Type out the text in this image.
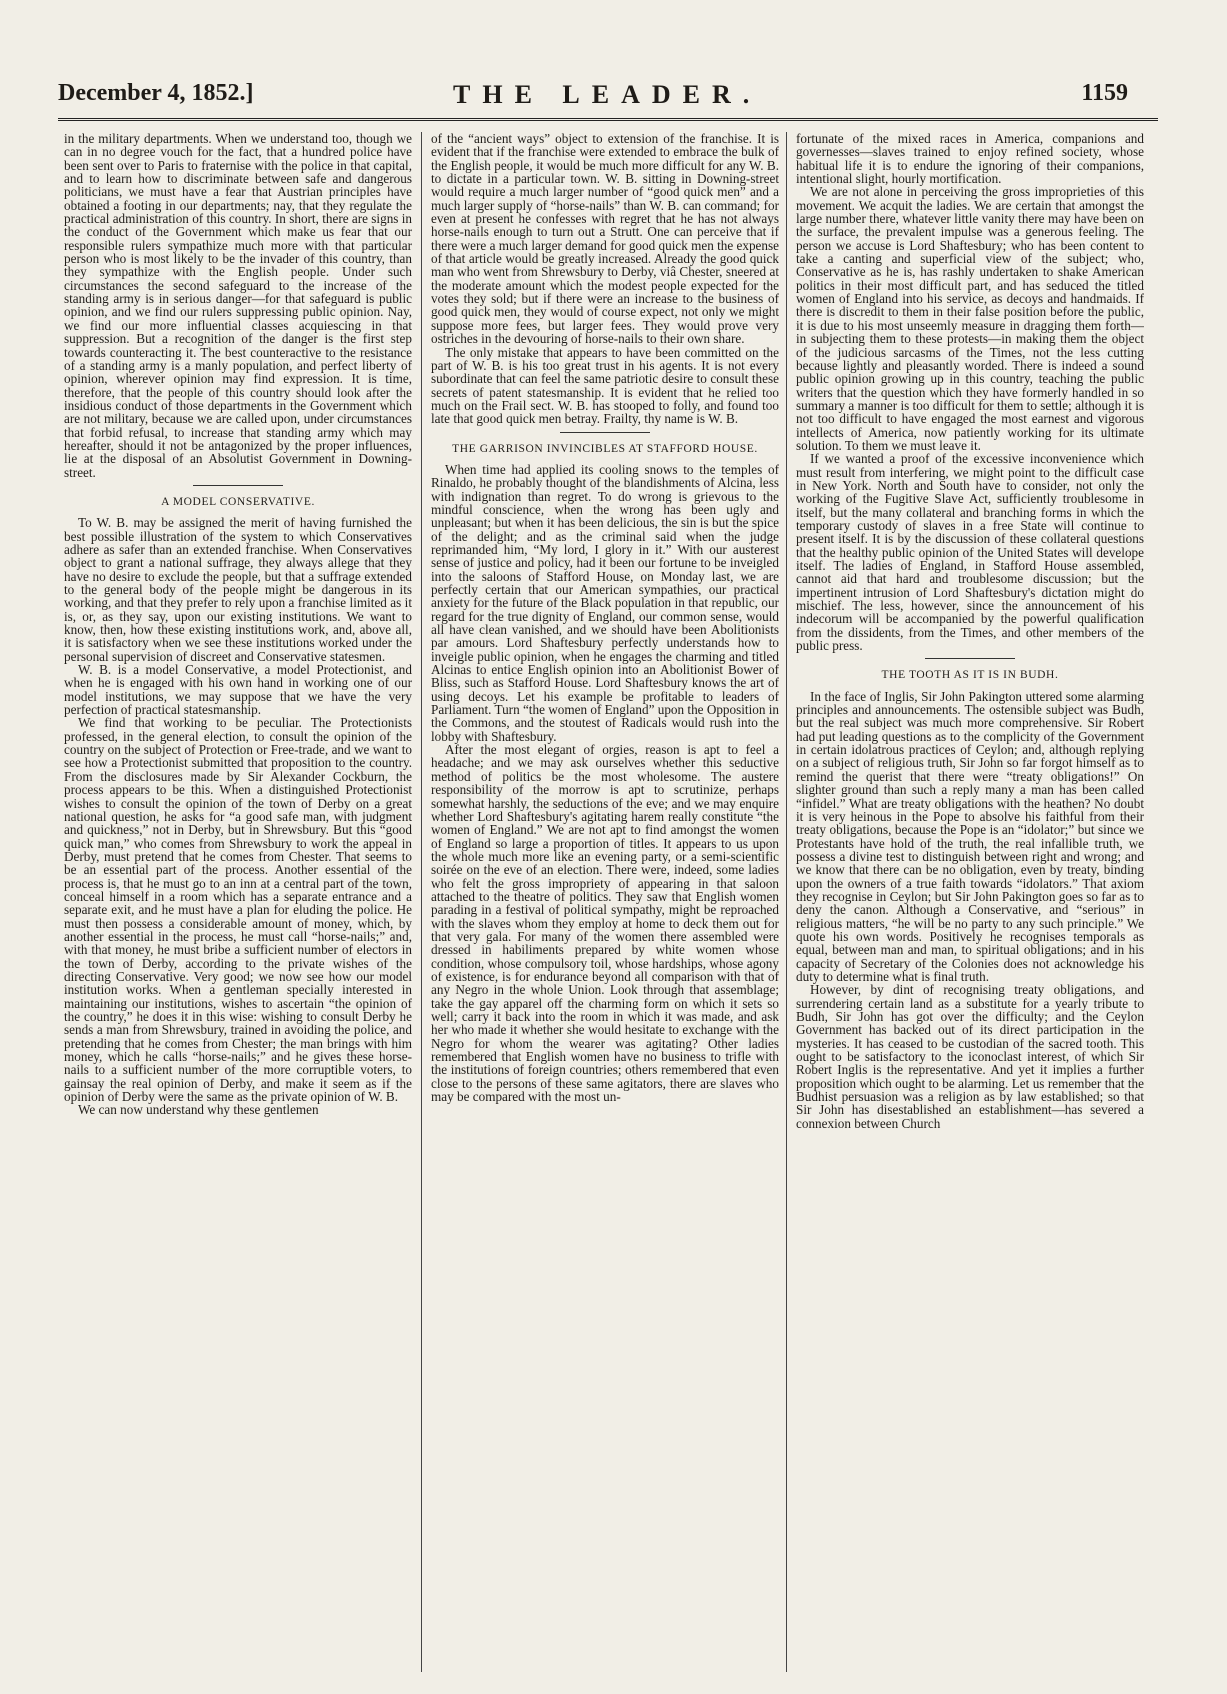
December 4, 1852.]	THE LEADER.	1159

in the military departments. When we understand too, though we can in no degree vouch for the fact, that a hundred police have been sent over to Paris to fraternise with the police in that capital, and to learn how to discriminate between safe and dangerous politicians, we must have a fear that Austrian principles have obtained a footing in our departments; nay, that they regulate the practical administration of this country. In short, there are signs in the conduct of the Government which make us fear that our responsible rulers sympathize much more with that particular person who is most likely to be the invader of this country, than they sympathize with the English people. Under such circumstances the second safeguard to the increase of the standing army is in serious danger—for that safeguard is public opinion, and we find our rulers suppressing public opinion. Nay, we find our more influential classes acquiescing in that suppression. But a recognition of the danger is the first step towards counteracting it. The best counteractive to the resistance of a standing army is a manly population, and perfect liberty of opinion, wherever opinion may find expression. It is time, therefore, that the people of this country should look after the insidious conduct of those departments in the Government which are not military, because we are called upon, under circumstances that forbid refusal, to increase that standing army which may hereafter, should it not be antagonized by the proper influences, lie at the disposal of an Absolutist Government in Downing-street.

A MODEL CONSERVATIVE.

To W. B. may be assigned the merit of having furnished the best possible illustration of the system to which Conservatives adhere as safer than an extended franchise. When Conservatives object to grant a national suffrage, they always allege that they have no desire to exclude the people, but that a suffrage extended to the general body of the people might be dangerous in its working, and that they prefer to rely upon a franchise limited as it is, or, as they say, upon our existing institutions. We want to know, then, how these existing institutions work, and, above all, it is satisfactory when we see these institutions worked under the personal supervision of discreet and Conservative statesmen.

W. B. is a model Conservative, a model Protectionist, and when he is engaged with his own hand in working one of our model institutions, we may suppose that we have the very perfection of practical statesmanship.

We find that working to be peculiar. The Protectionists professed, in the general election, to consult the opinion of the country on the subject of Protection or Free-trade, and we want to see how a Protectionist submitted that proposition to the country. From the disclosures made by Sir Alexander Cockburn, the process appears to be this. When a distinguished Protectionist wishes to consult the opinion of the town of Derby on a great national question, he asks for “a good safe man, with judgment and quickness,” not in Derby, but in Shrewsbury. But this “good quick man,” who comes from Shrewsbury to work the appeal in Derby, must pretend that he comes from Chester. That seems to be an essential part of the process. Another essential of the process is, that he must go to an inn at a central part of the town, conceal himself in a room which has a separate entrance and a separate exit, and he must have a plan for eluding the police. He must then possess a considerable amount of money, which, by another essential in the process, he must call “horse-nails;” and, with that money, he must bribe a sufficient number of electors in the town of Derby, according to the private wishes of the directing Conservative. Very good; we now see how our model institution works. When a gentleman specially interested in maintaining our institutions, wishes to ascertain “the opinion of the country,” he does it in this wise: wishing to consult Derby he sends a man from Shrewsbury, trained in avoiding the police, and pretending that he comes from Chester; the man brings with him money, which he calls “horse-nails;” and he gives these horse-nails to a sufficient number of the more corruptible voters, to gainsay the real opinion of Derby, and make it seem as if the opinion of Derby were the same as the private opinion of W. B.

We can now understand why these gentlemen

of the “ancient ways” object to extension of the franchise. It is evident that if the franchise were extended to embrace the bulk of the English people, it would be much more difficult for any W. B. to dictate in a particular town. W. B. sitting in Downing-street would require a much larger number of “good quick men” and a much larger supply of “horse-nails” than W. B. can command; for even at present he confesses with regret that he has not always horse-nails enough to turn out a Strutt. One can perceive that if there were a much larger demand for good quick men the expense of that article would be greatly increased. Already the good quick man who went from Shrewsbury to Derby, viâ Chester, sneered at the moderate amount which the modest people expected for the votes they sold; but if there were an increase to the business of good quick men, they would of course expect, not only we might suppose more fees, but larger fees. They would prove very ostriches in the devouring of horse-nails to their own share.

The only mistake that appears to have been committed on the part of W. B. is his too great trust in his agents. It is not every subordinate that can feel the same patriotic desire to consult these secrets of patent statesmanship. It is evident that he relied too much on the Frail sect. W. B. has stooped to folly, and found too late that good quick men betray. Frailty, thy name is W. B.

THE GARRISON INVINCIBLES AT STAFFORD HOUSE.

When time had applied its cooling snows to the temples of Rinaldo, he probably thought of the blandishments of Alcina, less with indignation than regret. To do wrong is grievous to the mindful conscience, when the wrong has been ugly and unpleasant; but when it has been delicious, the sin is but the spice of the delight; and as the criminal said when the judge reprimanded him, “My lord, I glory in it.” With our austerest sense of justice and policy, had it been our fortune to be inveigled into the saloons of Stafford House, on Monday last, we are perfectly certain that our American sympathies, our practical anxiety for the future of the Black population in that republic, our regard for the true dignity of England, our common sense, would all have clean vanished, and we should have been Abolitionists par amours. Lord Shaftesbury perfectly understands how to inveigle public opinion, when he engages the charming and titled Alcinas to entice English opinion into an Abolitionist Bower of Bliss, such as Stafford House. Lord Shaftesbury knows the art of using decoys. Let his example be profitable to leaders of Parliament. Turn “the women of England” upon the Opposition in the Commons, and the stoutest of Radicals would rush into the lobby with Shaftesbury.

After the most elegant of orgies, reason is apt to feel a headache; and we may ask ourselves whether this seductive method of politics be the most wholesome. The austere responsibility of the morrow is apt to scrutinize, perhaps somewhat harshly, the seductions of the eve; and we may enquire whether Lord Shaftesbury's agitating harem really constitute “the women of England.” We are not apt to find amongst the women of England so large a proportion of titles. It appears to us upon the whole much more like an evening party, or a semi-scientific soirée on the eve of an election. There were, indeed, some ladies who felt the gross impropriety of appearing in that saloon attached to the theatre of politics. They saw that English women parading in a festival of political sympathy, might be reproached with the slaves whom they employ at home to deck them out for that very gala. For many of the women there assembled were dressed in habiliments prepared by white women whose condition, whose compulsory toil, whose hardships, whose agony of existence, is for endurance beyond all comparison with that of any Negro in the whole Union. Look through that assemblage; take the gay apparel off the charming form on which it sets so well; carry it back into the room in which it was made, and ask her who made it whether she would hesitate to exchange with the Negro for whom the wearer was agitating? Other ladies remembered that English women have no business to trifle with the institutions of foreign countries; others remembered that even close to the persons of these same agitators, there are slaves who may be compared with the most un-

fortunate of the mixed races in America, companions and governesses—slaves trained to enjoy refined society, whose habitual life it is to endure the ignoring of their companions, intentional slight, hourly mortification.

We are not alone in perceiving the gross improprieties of this movement. We acquit the ladies. We are certain that amongst the large number there, whatever little vanity there may have been on the surface, the prevalent impulse was a generous feeling. The person we accuse is Lord Shaftesbury; who has been content to take a canting and superficial view of the subject; who, Conservative as he is, has rashly undertaken to shake American politics in their most difficult part, and has seduced the titled women of England into his service, as decoys and handmaids. If there is discredit to them in their false position before the public, it is due to his most unseemly measure in dragging them forth—in subjecting them to these protests—in making them the object of the judicious sarcasms of the Times, not the less cutting because lightly and pleasantly worded. There is indeed a sound public opinion growing up in this country, teaching the public writers that the question which they have formerly handled in so summary a manner is too difficult for them to settle; although it is not too difficult to have engaged the most earnest and vigorous intellects of America, now patiently working for its ultimate solution. To them we must leave it.

If we wanted a proof of the excessive inconvenience which must result from interfering, we might point to the difficult case in New York. North and South have to consider, not only the working of the Fugitive Slave Act, sufficiently troublesome in itself, but the many collateral and branching forms in which the temporary custody of slaves in a free State will continue to present itself. It is by the discussion of these collateral questions that the healthy public opinion of the United States will develope itself. The ladies of England, in Stafford House assembled, cannot aid that hard and troublesome discussion; but the impertinent intrusion of Lord Shaftesbury's dictation might do mischief. The less, however, since the announcement of his indecorum will be accompanied by the powerful qualification from the dissidents, from the Times, and other members of the public press.

THE TOOTH AS IT IS IN BUDH.

In the face of Inglis, Sir John Pakington uttered some alarming principles and announcements. The ostensible subject was Budh, but the real subject was much more comprehensive. Sir Robert had put leading questions as to the complicity of the Government in certain idolatrous practices of Ceylon; and, although replying on a subject of religious truth, Sir John so far forgot himself as to remind the querist that there were “treaty obligations!” On slighter ground than such a reply many a man has been called “infidel.” What are treaty obligations with the heathen? No doubt it is very heinous in the Pope to absolve his faithful from their treaty obligations, because the Pope is an “idolator;” but since we Protestants have hold of the truth, the real infallible truth, we possess a divine test to distinguish between right and wrong; and we know that there can be no obligation, even by treaty, binding upon the owners of a true faith towards “idolators.” That axiom they recognise in Ceylon; but Sir John Pakington goes so far as to deny the canon. Although a Conservative, and “serious” in religious matters, “he will be no party to any such principle.” We quote his own words. Positively he recognises temporals as equal, between man and man, to spiritual obligations; and in his capacity of Secretary of the Colonies does not acknowledge his duty to determine what is final truth.

However, by dint of recognising treaty obligations, and surrendering certain land as a substitute for a yearly tribute to Budh, Sir John has got over the difficulty; and the Ceylon Government has backed out of its direct participation in the mysteries. It has ceased to be custodian of the sacred tooth. This ought to be satisfactory to the iconoclast interest, of which Sir Robert Inglis is the representative. And yet it implies a further proposition which ought to be alarming. Let us remember that the Budhist persuasion was a religion as by law established; so that Sir John has disestablished an establishment—has severed a connexion between Church
